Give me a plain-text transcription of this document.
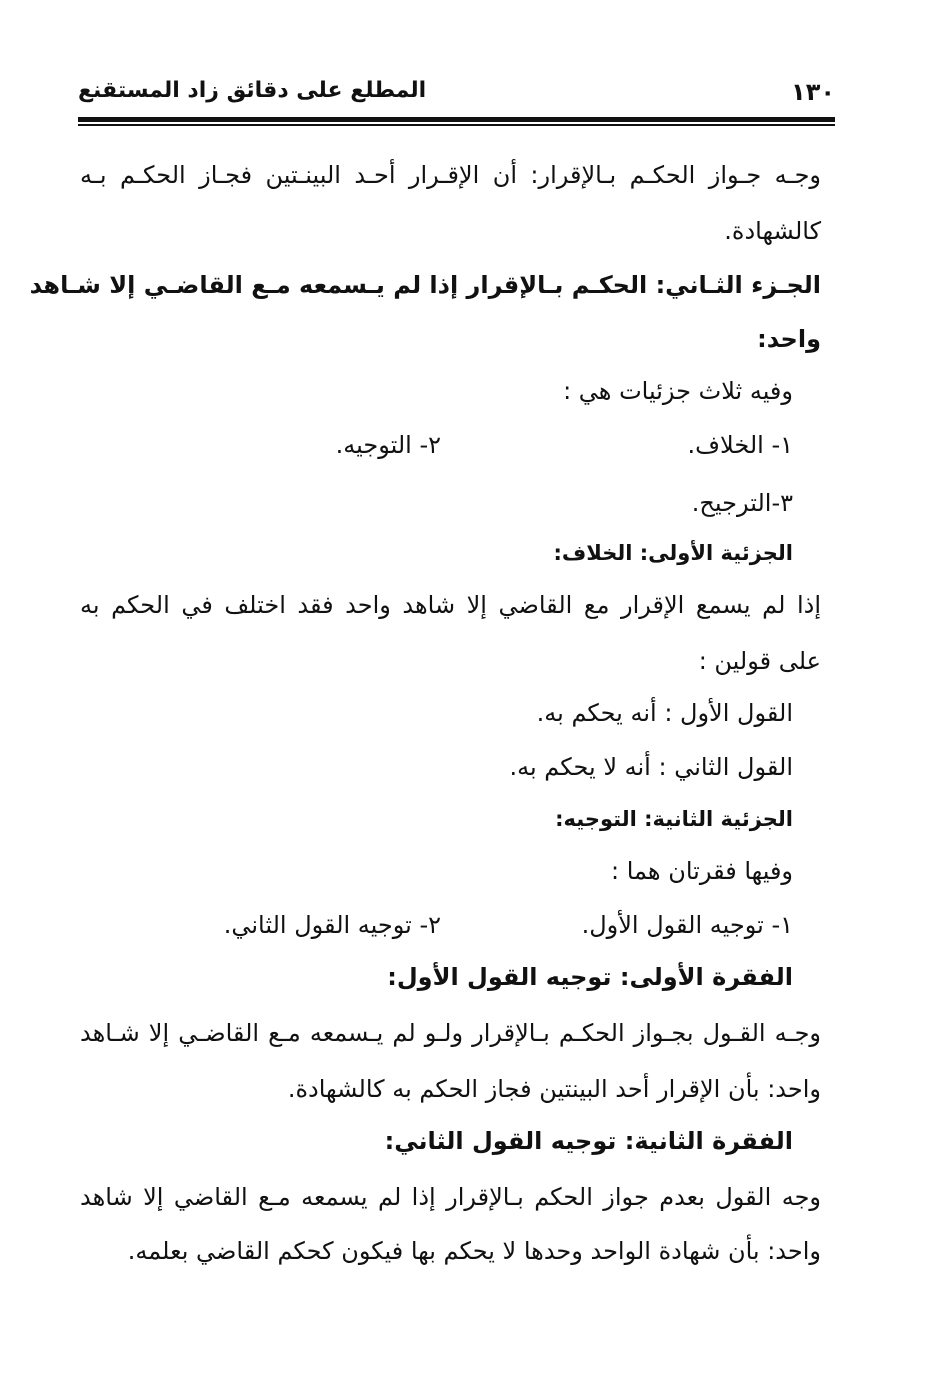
١٣٠
المطلع على دقائق زاد المستقنع
وجـه جـواز الحكـم بـالإقرار: أن الإقـرار أحـد البينـتين فجـاز الحكـم بـه
كالشهادة.
الجـزء الثـاني: الحكـم بـالإقرار إذا لم يـسمعه مـع القاضـي إلا شـاهد
واحد:
وفيه ثلاث جزئيات هي :
١- الخلاف.
٢- التوجيه.
٣-الترجيح.
الجزئية الأولى: الخلاف:
إذا لم يسمع الإقرار مع القاضي إلا شاهد واحد فقد اختلف في الحكم به
على قولين :
القول الأول : أنه يحكم به.
القول الثاني : أنه لا يحكم به.
الجزئية الثانية: التوجيه:
وفيها فقرتان هما :
١- توجيه القول الأول.
٢- توجيه القول الثاني.
الفقرة الأولى: توجيه القول الأول:
وجـه القـول بجـواز الحكـم بـالإقرار ولـو لم يـسمعه مـع القاضـي إلا شـاهد
واحد: بأن الإقرار أحد البينتين فجاز الحكم به كالشهادة.
الفقرة الثانية: توجيه القول الثاني:
وجه القول بعدم جواز الحكم بـالإقرار إذا لم يسمعه مـع القاضي إلا شاهد
واحد: بأن شهادة الواحد وحدها لا يحكم بها فيكون كحكم القاضي بعلمه.
